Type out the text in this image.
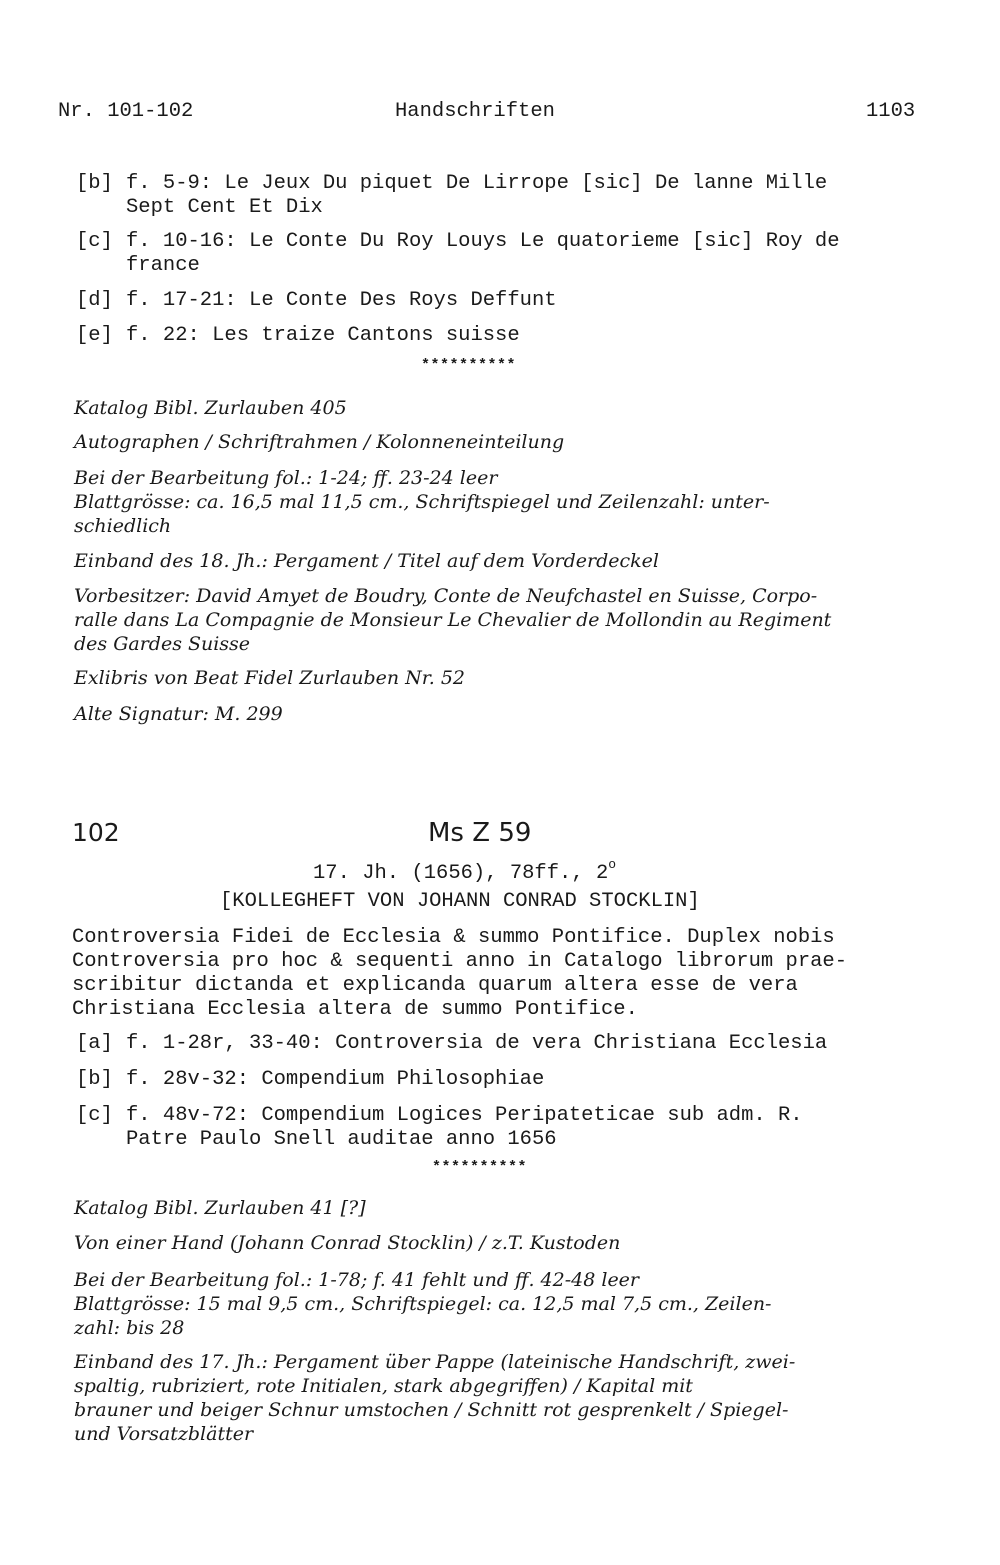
Nr. 101-102	Handschriften	1103
[b] f. 5-9: Le Jeux Du piquet De Lirrope [sic] De lanne Mille
Sept Cent Et Dix
[c] f. 10-16: Le Conte Du Roy Louys Le quatorieme [sic] Roy de
france
[d] f. 17-21: Le Conte Des Roys Deffunt
[e] f. 22: Les traize Cantons suisse
**********
Katalog Bibl. Zurlauben 405
Autographen / Schriftrahmen / Kolonneneinteilung
Bei der Bearbeitung fol.: 1-24; ff. 23-24 leer
Blattgrösse: ca. 16,5 mal 11,5 cm., Schriftspiegel und Zeilenzahl: unter-
schiedlich
Einband des 18. Jh.: Pergament / Titel auf dem Vorderdeckel
Vorbesitzer: David Amyet de Boudry, Conte de Neufchastel en Suisse, Corpo-
ralle dans La Compagnie de Monsieur Le Chevalier de Mollondin au Regiment
des Gardes Suisse
Exlibris von Beat Fidel Zurlauben Nr. 52
Alte Signatur: M. 299
102	Ms Z 59
17. Jh. (1656), 78ff., 2$^o$
[KOLLEGHEFT VON JOHANN CONRAD STOCKLIN]
Controversia Fidei de Ecclesia & summo Pontifice. Duplex nobis
Controversia pro hoc & sequenti anno in Catalogo librorum prae-
scribitur dictanda et explicanda quarum altera esse de vera
Christiana Ecclesia altera de summo Pontifice.
[a] f. 1-28r, 33-40: Controversia de vera Christiana Ecclesia
[b] f. 28v-32: Compendium Philosophiae
[c] f. 48v-72: Compendium Logices Peripateticae sub adm. R.
Patre Paulo Snell auditae anno 1656
**********
Katalog Bibl. Zurlauben 41 [?]
Von einer Hand (Johann Conrad Stocklin) / z.T. Kustoden
Bei der Bearbeitung fol.: 1-78; f. 41 fehlt und ff. 42-48 leer
Blattgrösse: 15 mal 9,5 cm., Schriftspiegel: ca. 12,5 mal 7,5 cm., Zeilen-
zahl: bis 28
Einband des 17. Jh.: Pergament über Pappe (lateinische Handschrift, zwei-
spaltig, rubriziert, rote Initialen, stark abgegriffen) / Kapital mit
brauner und beiger Schnur umstochen / Schnitt rot gesprenkelt / Spiegel-
und Vorsatzblätter
